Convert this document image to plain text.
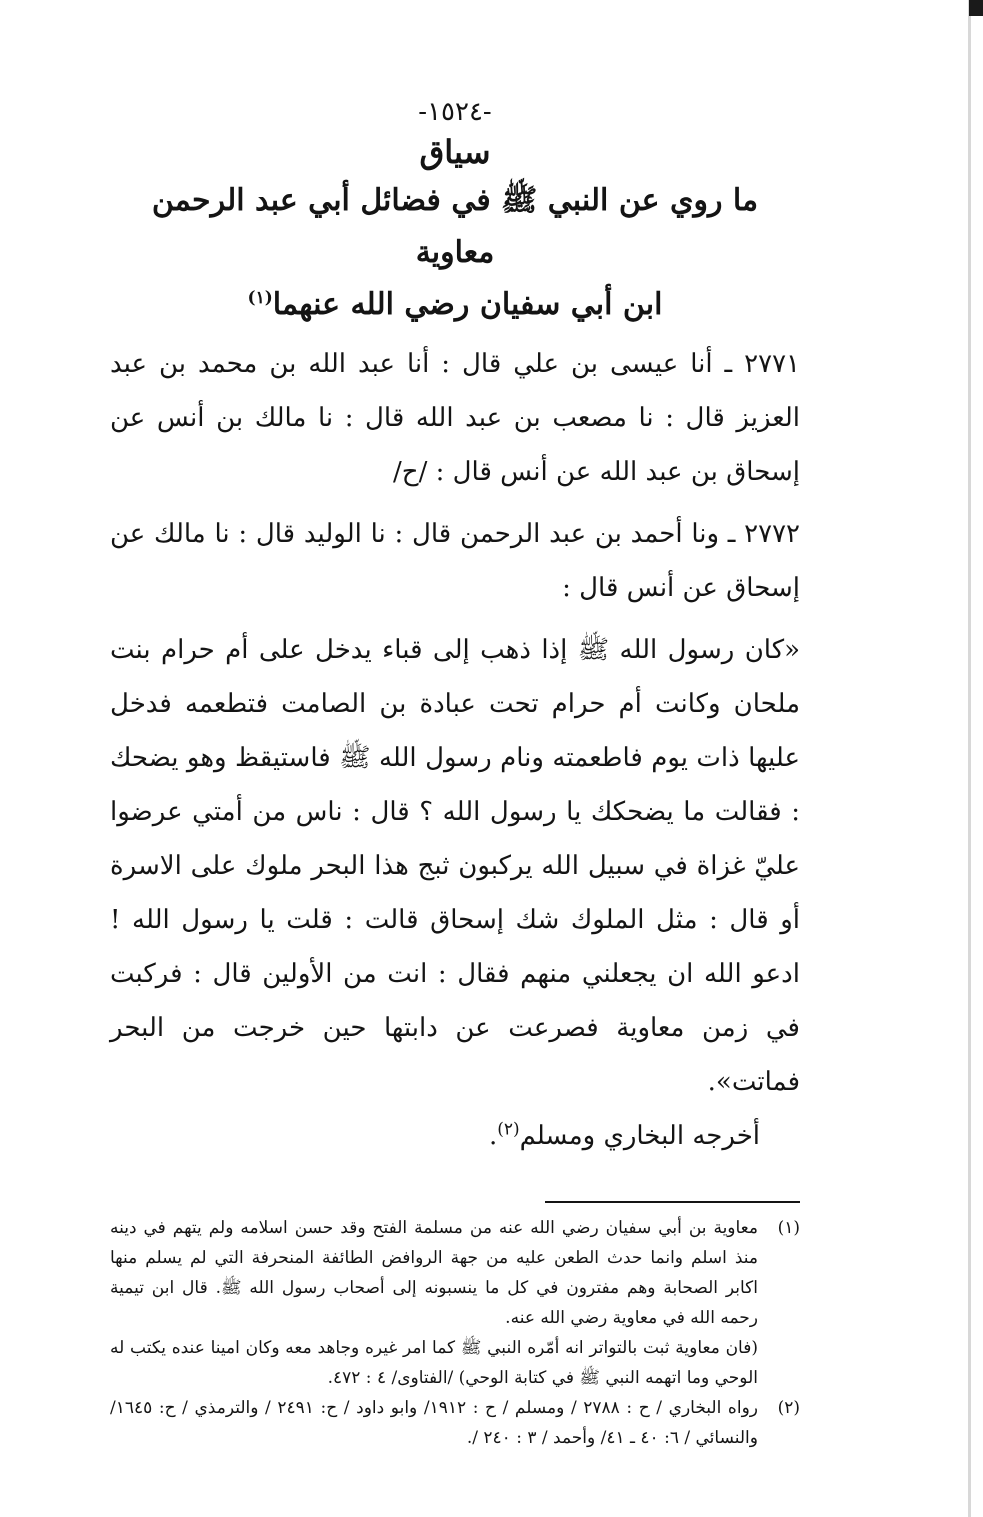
-١٥٢٤-
سياق
ما روي عن النبي ﷺ في فضائل أبي عبد الرحمن معاوية
ابن أبي سفيان رضي الله عنهما$^{(١)}$

٢٧٧١ ـ أنا عيسى بن علي قال : أنا عبد الله بن محمد بن عبد العزيز قال : نا مصعب بن عبد الله قال : نا مالك بن أنس عن إسحاق بن عبد الله عن أنس قال : /ح/

٢٧٧٢ ـ ونا أحمد بن عبد الرحمن قال : نا الوليد قال : نا مالك عن إسحاق عن أنس قال :

«كان رسول الله ﷺ إذا ذهب إلى قباء يدخل على أم حرام بنت ملحان وكانت أم حرام تحت عبادة بن الصامت فتطعمه فدخل عليها ذات يوم فاطعمته ونام رسول الله ﷺ فاستيقظ وهو يضحك : فقالت ما يضحكك يا رسول الله ؟ قال : ناس من أمتي عرضوا عليّ غزاة في سبيل الله يركبون ثبج هذا البحر ملوك على الاسرة أو قال : مثل الملوك شك إسحاق قالت : قلت يا رسول الله ! ادعو الله ان يجعلني منهم فقال : انت من الأولين قال : فركبت في زمن معاوية فصرعت عن دابتها حين خرجت من البحر فماتت».

أخرجه البخاري ومسلم$^{(٢)}$.

(١)
معاوية بن أبي سفيان رضي الله عنه من مسلمة الفتح وقد حسن اسلامه ولم يتهم في دينه منذ اسلم وانما حدث الطعن عليه من جهة الروافض الطائفة المنحرفة التي لم يسلم منها اكابر الصحابة وهم مفترون في كل ما ينسبونه إلى أصحاب رسول الله ﷺ. قال ابن تيمية رحمه الله في معاوية رضي الله عنه.
(فان معاوية ثبت بالتواتر انه أمّره النبي ﷺ كما امر غيره وجاهد معه وكان امينا عنده يكتب له الوحي وما اتهمه النبي ﷺ في كتابة الوحي) /الفتاوى/ ٤ : ٤٧٢.
(٢)
رواه البخاري / ح : ٢٧٨٨ / ومسلم / ح : ١٩١٢/ وابو داود / ح: ٢٤٩١ / والترمذي / ح: ١٦٤٥/ والنسائي / ٦: ٤٠ ـ ٤١/ وأحمد / ٣ : ٢٤٠ /.
